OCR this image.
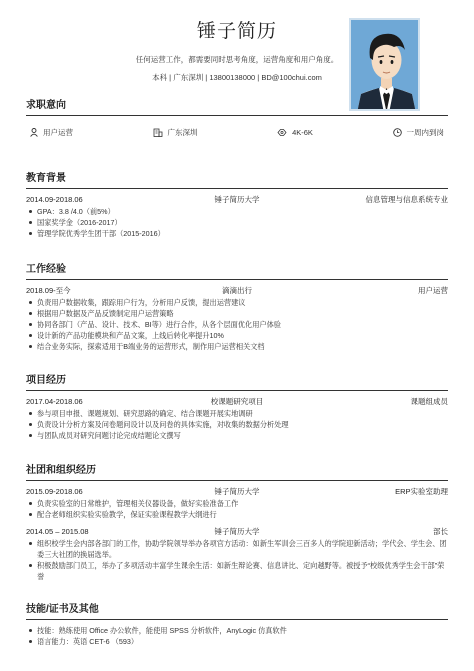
锤子简历
任何运营工作，都需要同时思考角度，运营角度和用户角度。
本科 | 广东深圳 | 13800138000 | BD@100chui.com
求职意向
用户运营	广东深圳	4K-6K	一周内到岗
教育背景
2014.09-2018.06	锤子简历大学	信息管理与信息系统专业
GPA：3.8 /4.0（前5%）
国家奖学金（2016-2017）
管理学院优秀学生团干部（2015-2016）
工作经验
2018.09-至今	滴滴出行	用户运营
负责用户数据收集，跟踪用户行为，分析用户反馈，提出运营建议
根据用户数据及产品反馈制定用户运营策略
协同各部门（产品、设计、技术、BI等）进行合作，从各个层面优化用户体验
设计新的产品功能模块和产品文案，上线后转化率提升10%
结合业务实际，探索适用于B端业务的运营形式，制作用户运营相关文档
项目经历
2017.04-2018.06	校课题研究项目	课题组成员
参与项目申报、课题规划、研究思路的确定、结合课题开展实地调研
负责设计分析方案及问卷题问设计以及问卷的具体实施，对收集的数据分析处理
与团队成员对研究问题讨论完成结题论文撰写
社团和组织经历
2015.09-2018.06	锤子简历大学	ERP实验室助理
负责实验室的日常维护，管理相关仪器设备，做好实验准备工作
配合老师组织实验实验教学，保证实验课程教学大纲进行
2014.05 – 2015.08	锤子简历大学	部长
组织校学生会内部各部门的工作，协助学院领导举办各项官方活动：如新生军训会三百多人的学院迎新活动；学代会、学生会、团委三大社团的换届选举。
积极鼓励部门员工，举办了多项活动丰富学生课余生活：如新生辩论赛、信息讲比、定向越野等。被授予“校级优秀学生会干部”荣誉
技能/证书及其他
技能：熟练使用 Office 办公软件，能使用 SPSS 分析软件，AnyLogic 仿真软件
语言能力：英语 CET-6 （593）
